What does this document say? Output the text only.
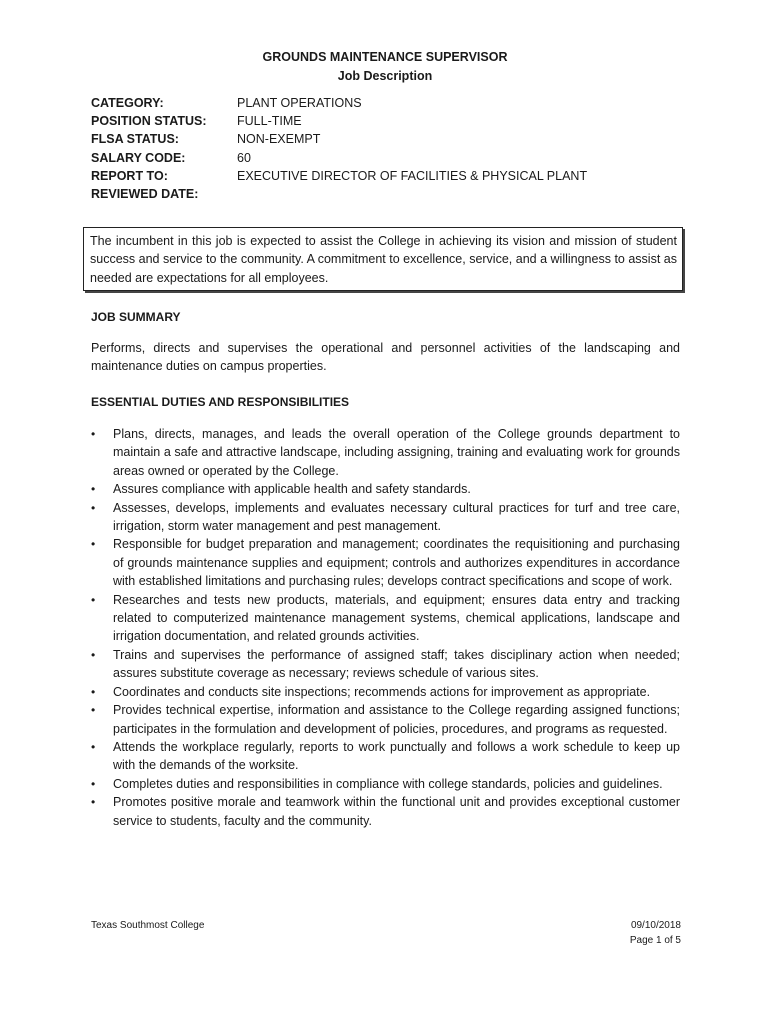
GROUNDS MAINTENANCE SUPERVISOR
Job Description
CATEGORY:	PLANT OPERATIONS
POSITION STATUS:	FULL-TIME
FLSA STATUS:	NON-EXEMPT
SALARY CODE:	60
REPORT TO:	EXECUTIVE DIRECTOR OF FACILITIES & PHYSICAL PLANT
REVIEWED DATE:
The incumbent in this job is expected to assist the College in achieving its vision and mission of student success and service to the community. A commitment to excellence, service, and a willingness to assist as needed are expectations for all employees.
JOB SUMMARY
Performs, directs and supervises the operational and personnel activities of the landscaping and maintenance duties on campus properties.
ESSENTIAL DUTIES AND RESPONSIBILITIES
•	Plans, directs, manages, and leads the overall operation of the College grounds department to maintain a safe and attractive landscape, including assigning, training and evaluating work for grounds areas owned or operated by the College.
•	Assures compliance with applicable health and safety standards.
•	Assesses, develops, implements and evaluates necessary cultural practices for turf and tree care, irrigation, storm water management and pest management.
•	Responsible for budget preparation and management; coordinates the requisitioning and purchasing of grounds maintenance supplies and equipment; controls and authorizes expenditures in accordance with established limitations and purchasing rules; develops contract specifications and scope of work.
•	Researches and tests new products, materials, and equipment; ensures data entry and tracking related to computerized maintenance management systems, chemical applications, landscape and irrigation documentation, and related grounds activities.
•	Trains and supervises the performance of assigned staff; takes disciplinary action when needed; assures substitute coverage as necessary; reviews schedule of various sites.
•	Coordinates and conducts site inspections; recommends actions for improvement as appropriate.
•	Provides technical expertise, information and assistance to the College regarding assigned functions; participates in the formulation and development of policies, procedures, and programs as requested.
•	Attends the workplace regularly, reports to work punctually and follows a work schedule to keep up with the demands of the worksite.
•	Completes duties and responsibilities in compliance with college standards, policies and guidelines.
•	Promotes positive morale and teamwork within the functional unit and provides exceptional customer service to students, faculty and the community.
Texas Southmost College	09/10/2018
Page 1 of 5
